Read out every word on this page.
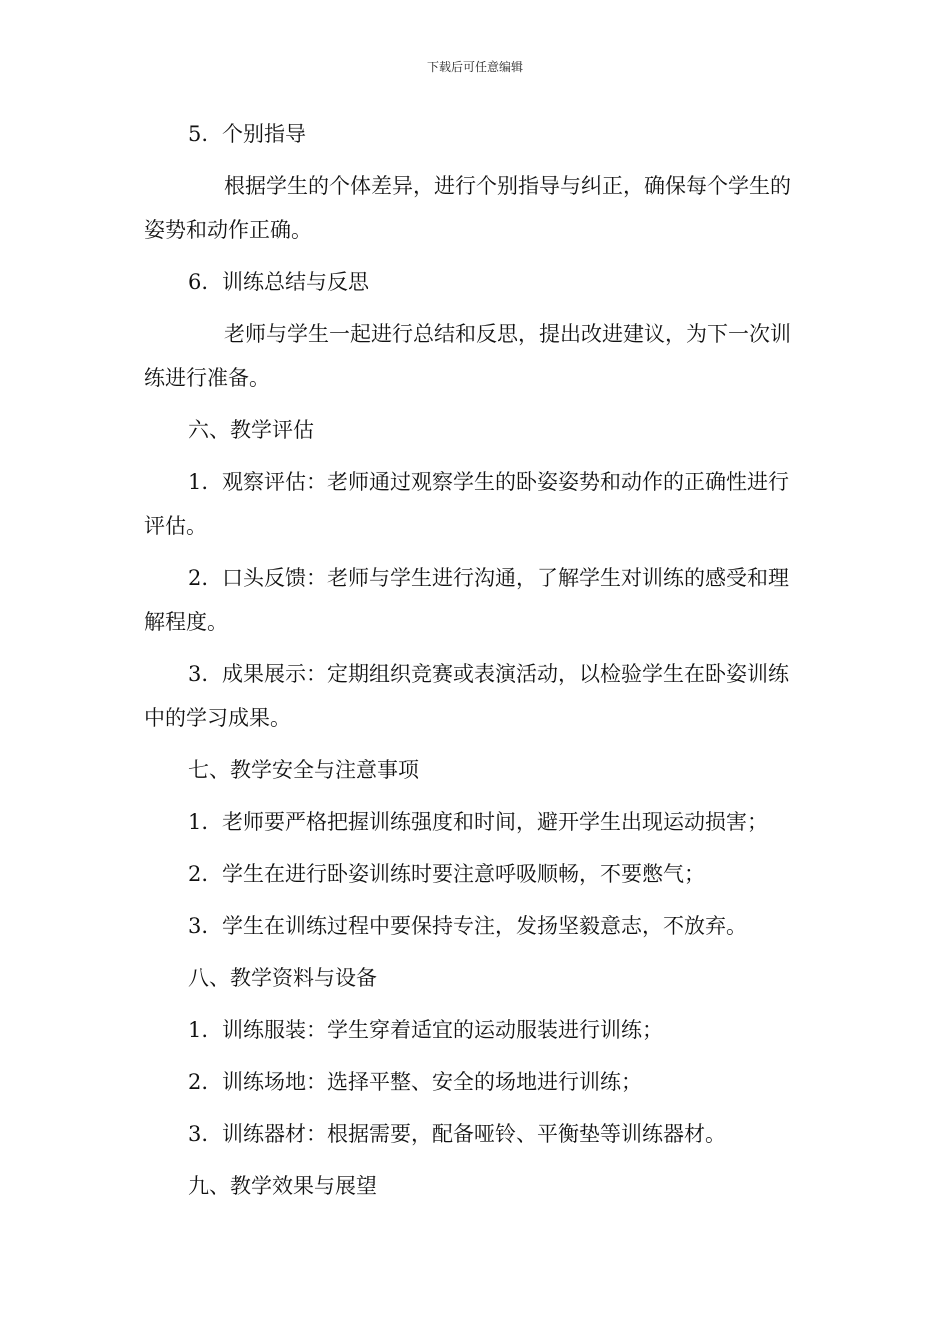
下载后可任意编辑
5. 个别指导
根据学生的个体差异，进行个别指导与纠正，确保每个学生的姿势和动作正确。
6. 训练总结与反思
老师与学生一起进行总结和反思，提出改进建议，为下一次训练进行准备。
六、教学评估
1. 观察评估：老师通过观察学生的卧姿姿势和动作的正确性进行评估。
2. 口头反馈：老师与学生进行沟通，了解学生对训练的感受和理解程度。
3. 成果展示：定期组织竞赛或表演活动，以检验学生在卧姿训练中的学习成果。
七、教学安全与注意事项
1. 老师要严格把握训练强度和时间，避开学生出现运动损害；
2. 学生在进行卧姿训练时要注意呼吸顺畅，不要憋气；
3. 学生在训练过程中要保持专注，发扬坚毅意志，不放弃。
八、教学资料与设备
1. 训练服装：学生穿着适宜的运动服装进行训练；
2. 训练场地：选择平整、安全的场地进行训练；
3. 训练器材：根据需要，配备哑铃、平衡垫等训练器材。
九、教学效果与展望
